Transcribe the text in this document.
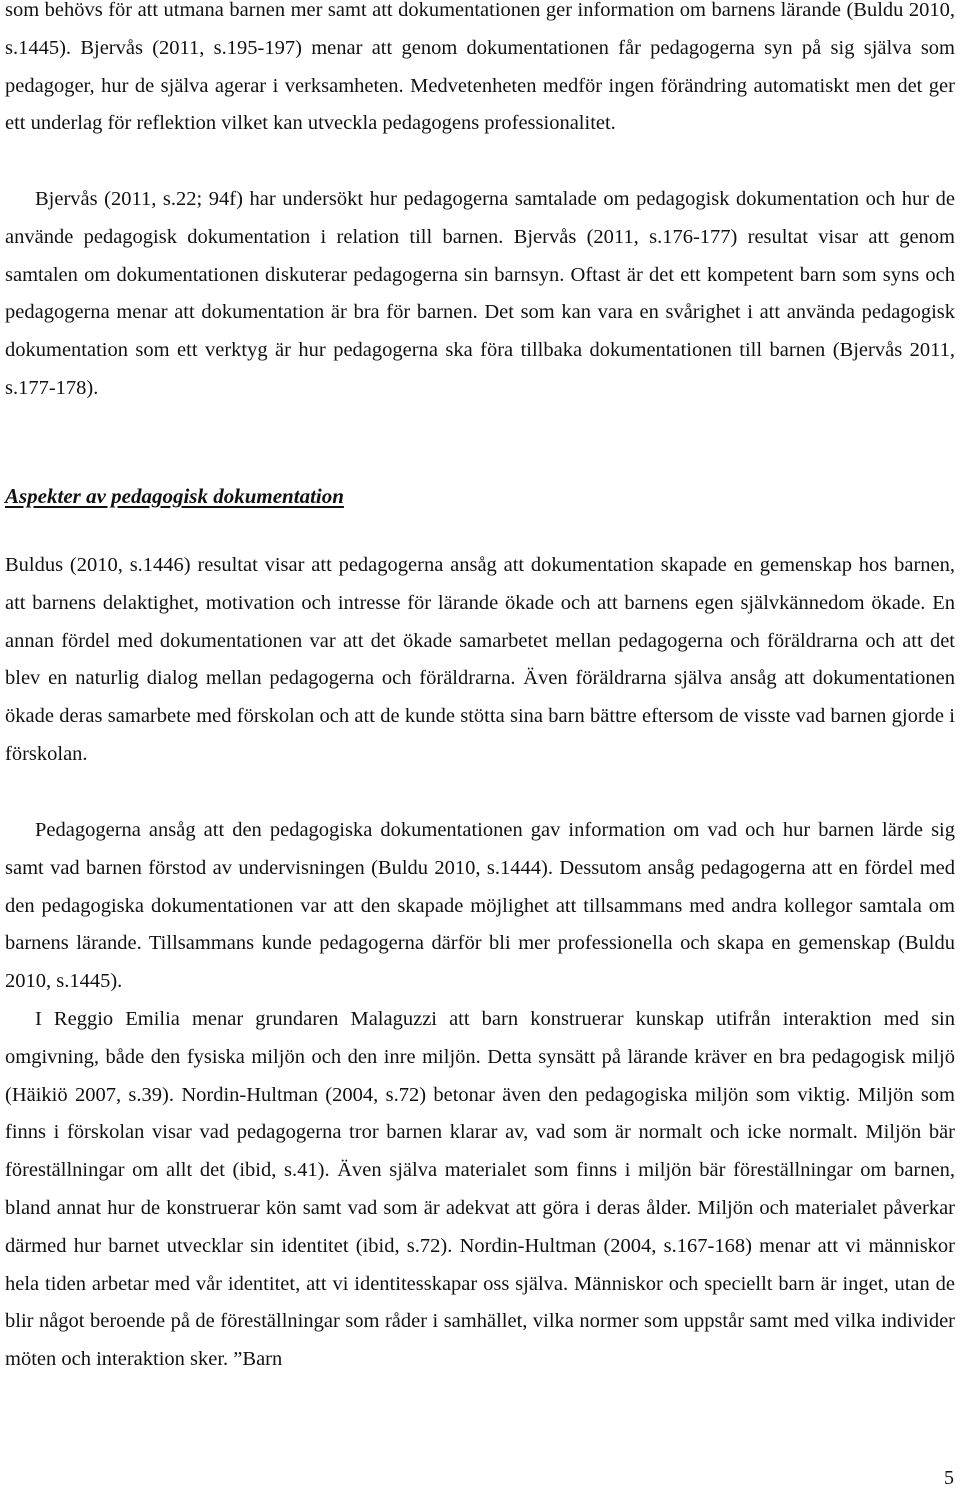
som behövs för att utmana barnen mer samt att dokumentationen ger information om barnens lärande (Buldu 2010, s.1445). Bjervås (2011, s.195-197) menar att genom dokumentationen får pedagogerna syn på sig själva som pedagoger, hur de själva agerar i verksamheten. Medvetenheten medför ingen förändring automatiskt men det ger ett underlag för reflektion vilket kan utveckla pedagogens professionalitet.

Bjervås (2011, s.22; 94f) har undersökt hur pedagogerna samtalade om pedagogisk dokumentation och hur de använde pedagogisk dokumentation i relation till barnen. Bjervås (2011, s.176-177) resultat visar att genom samtalen om dokumentationen diskuterar pedagogerna sin barnsyn. Oftast är det ett kompetent barn som syns och pedagogerna menar att dokumentation är bra för barnen. Det som kan vara en svårighet i att använda pedagogisk dokumentation som ett verktyg är hur pedagogerna ska föra tillbaka dokumentationen till barnen (Bjervås 2011, s.177-178).

Aspekter av pedagogisk dokumentation

Buldus (2010, s.1446) resultat visar att pedagogerna ansåg att dokumentation skapade en gemenskap hos barnen, att barnens delaktighet, motivation och intresse för lärande ökade och att barnens egen självkännedom ökade. En annan fördel med dokumentationen var att det ökade samarbetet mellan pedagogerna och föräldrarna och att det blev en naturlig dialog mellan pedagogerna och föräldrarna. Även föräldrarna själva ansåg att dokumentationen ökade deras samarbete med förskolan och att de kunde stötta sina barn bättre eftersom de visste vad barnen gjorde i förskolan.

Pedagogerna ansåg att den pedagogiska dokumentationen gav information om vad och hur barnen lärde sig samt vad barnen förstod av undervisningen (Buldu 2010, s.1444). Dessutom ansåg pedagogerna att en fördel med den pedagogiska dokumentationen var att den skapade möjlighet att tillsammans med andra kollegor samtala om barnens lärande. Tillsammans kunde pedagogerna därför bli mer professionella och skapa en gemenskap (Buldu 2010, s.1445).

I Reggio Emilia menar grundaren Malaguzzi att barn konstruerar kunskap utifrån interaktion med sin omgivning, både den fysiska miljön och den inre miljön. Detta synsätt på lärande kräver en bra pedagogisk miljö (Häikiö 2007, s.39). Nordin-Hultman (2004, s.72) betonar även den pedagogiska miljön som viktig. Miljön som finns i förskolan visar vad pedagogerna tror barnen klarar av, vad som är normalt och icke normalt. Miljön bär föreställningar om allt det (ibid, s.41). Även själva materialet som finns i miljön bär föreställningar om barnen, bland annat hur de konstruerar kön samt vad som är adekvat att göra i deras ålder. Miljön och materialet påverkar därmed hur barnet utvecklar sin identitet (ibid, s.72). Nordin-Hultman (2004, s.167-168) menar att vi människor hela tiden arbetar med vår identitet, att vi identitesskapar oss själva. Människor och speciellt barn är inget, utan de blir något beroende på de föreställningar som råder i samhället, vilka normer som uppstår samt med vilka individer möten och interaktion sker. ”Barn

5
